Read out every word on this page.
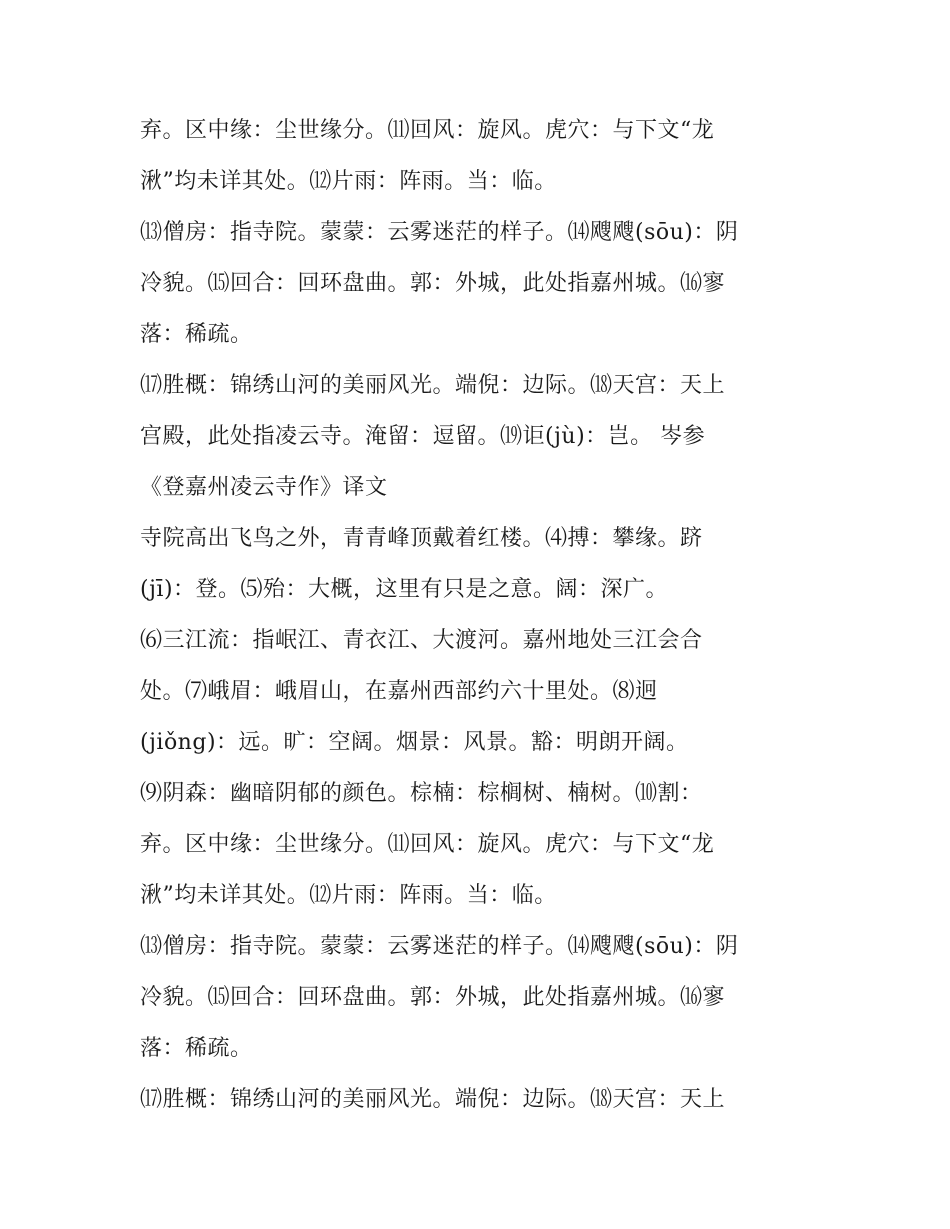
弃。区中缘：尘世缘分。⑾回风：旋风。虎穴：与下文“龙
湫”均未详其处。⑿片雨：阵雨。当：临。
⒀僧房：指寺院。蒙蒙：云雾迷茫的样子。⒁飕飕(sōu)：阴
冷貌。⒂回合：回环盘曲。郭：外城，此处指嘉州城。⒃寥
落：稀疏。
⒄胜概：锦绣山河的美丽风光。端倪：边际。⒅天宫：天上
宫殿，此处指凌云寺。淹留：逗留。⒆讵(jù)：岂。 岑参
《登嘉州凌云寺作》译文
寺院高出飞鸟之外，青青峰顶戴着红楼。⑷搏：攀缘。跻
(jī)：登。⑸殆：大概，这里有只是之意。阔：深广。
⑹三江流：指岷江、青衣江、大渡河。嘉州地处三江会合
处。⑺峨眉：峨眉山，在嘉州西部约六十里处。⑻迥
(jiǒng)：远。旷：空阔。烟景：风景。豁：明朗开阔。
⑼阴森：幽暗阴郁的颜色。棕楠：棕榈树、楠树。⑽割：
弃。区中缘：尘世缘分。⑾回风：旋风。虎穴：与下文“龙
湫”均未详其处。⑿片雨：阵雨。当：临。
⒀僧房：指寺院。蒙蒙：云雾迷茫的样子。⒁飕飕(sōu)：阴
冷貌。⒂回合：回环盘曲。郭：外城，此处指嘉州城。⒃寥
落：稀疏。
⒄胜概：锦绣山河的美丽风光。端倪：边际。⒅天宫：天上
